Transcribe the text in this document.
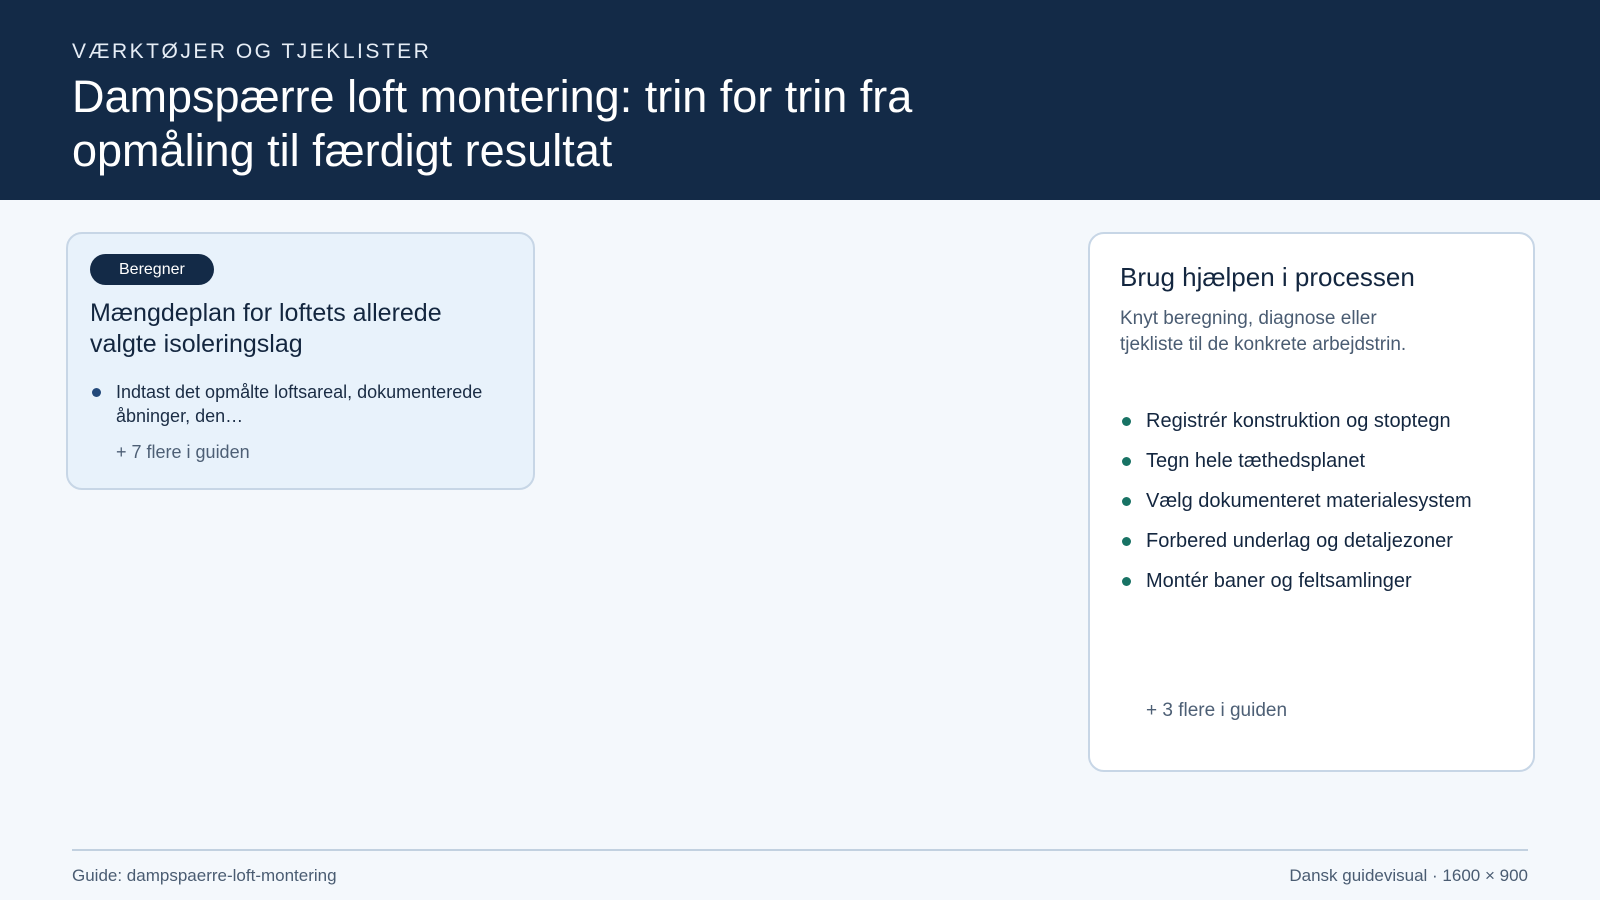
VÆRKTØJER OG TJEKLISTER
Dampspærre loft montering: trin for trin fra opmåling til færdigt resultat
Beregner
Mængdeplan for loftets allerede valgte isoleringslag
Indtast det opmålte loftsareal, dokumenterede åbninger, den…
+ 7 flere i guiden
Brug hjælpen i processen
Knyt beregning, diagnose eller tjekliste til de konkrete arbejdstrin.
Registrér konstruktion og stoptegn
Tegn hele tæthedsplanet
Vælg dokumenteret materialesystem
Forbered underlag og detaljezoner
Montér baner og feltsamlinger
+ 3 flere i guiden
Guide: dampspaerre-loft-montering	Dansk guidevisual · 1600 × 900
